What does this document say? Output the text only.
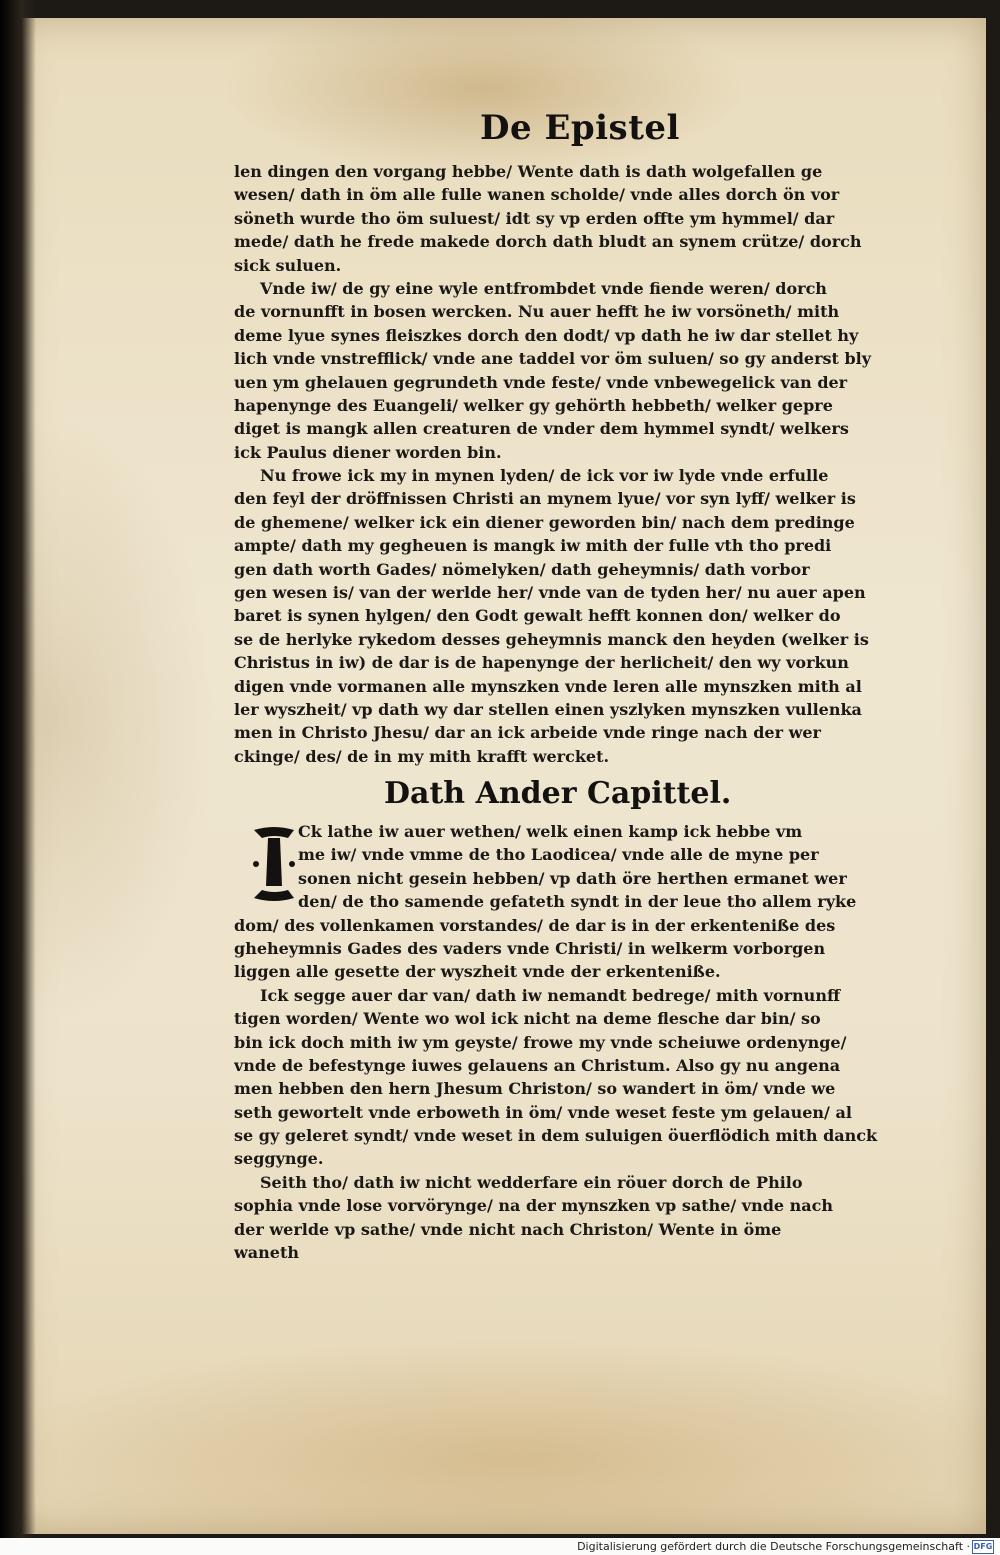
De Epistel
len dingen den vorgang hebbe/ Wente dath is dath wolgefallen ge
wesen/ dath in öm alle fulle wanen scholde/ vnde alles dorch ön vor
söneth wurde tho öm suluest/ idt sy vp erden offte ym hymmel/ dar
mede/ dath he frede makede dorch dath bludt an synem crütze/ dorch
sick suluen.
Vnde iw/ de gy eine wyle entfrombdet vnde fiende weren/ dorch
de vornunfft in bosen wercken. Nu auer hefft he iw vorsöneth/ mith
deme lyue synes fleiszkes dorch den dodt/ vp dath he iw dar stellet hy
lich vnde vnstrefflick/ vnde ane taddel vor öm suluen/ so gy anderst bly
uen ym ghelauen gegrundeth vnde feste/ vnde vnbewegelick van der
hapenynge des Euangeli/ welker gy gehörth hebbeth/ welker gepre
diget is mangk allen creaturen de vnder dem hymmel syndt/ welkers
ick Paulus diener worden bin.
Nu frowe ick my in mynen lyden/ de ick vor iw lyde vnde erfulle
den feyl der dröffnissen Christi an mynem lyue/ vor syn lyff/ welker is
de ghemene/ welker ick ein diener geworden bin/ nach dem predinge
ampte/ dath my gegheuen is mangk iw mith der fulle vth tho predi
gen dath worth Gades/ nömelyken/ dath geheymnis/ dath vorbor
gen wesen is/ van der werlde her/ vnde van de tyden her/ nu auer apen
baret is synen hylgen/ den Godt gewalt hefft konnen don/ welker do
se de herlyke rykedom desses geheymnis manck den heyden (welker is
Christus in iw) de dar is de hapenynge der herlicheit/ den wy vorkun
digen vnde vormanen alle mynszken vnde leren alle mynszken mith al
ler wyszheit/ vp dath wy dar stellen einen yszlyken mynszken vullenka
men in Christo Jhesu/ dar an ick arbeide vnde ringe nach der wer
ckinge/ des/ de in my mith krafft wercket.
Dath Ander Capittel.
Ck lathe iw auer wethen/ welk einen kamp ick hebbe vm
me iw/ vnde vmme de tho Laodicea/ vnde alle de myne per
sonen nicht gesein hebben/ vp dath öre herthen ermanet wer
den/ de tho samende gefateth syndt in der leue tho allem ryke
dom/ des vollenkamen vorstandes/ de dar is in der erkenteniße des
gheheymnis Gades des vaders vnde Christi/ in welkerm vorborgen
liggen alle gesette der wyszheit vnde der erkenteniße.
Ick segge auer dar van/ dath iw nemandt bedrege/ mith vornunff
tigen worden/ Wente wo wol ick nicht na deme flesche dar bin/ so
bin ick doch mith iw ym geyste/ frowe my vnde scheiuwe ordenynge/
vnde de befestynge iuwes gelauens an Christum. Also gy nu angena
men hebben den hern Jhesum Christon/ so wandert in öm/ vnde we
seth gewortelt vnde erboweth in öm/ vnde weset feste ym gelauen/ al
se gy geleret syndt/ vnde weset in dem suluigen öuerflödich mith danck
seggynge.
Seith tho/ dath iw nicht wedderfare ein röuer dorch de Philo
sophia vnde lose vorvörynge/ na der mynszken vp sathe/ vnde nach
der werlde vp sathe/ vnde nicht nach Christon/ Wente in öme
waneth
Digitalisierung gefördert durch die Deutsche Forschungsgemeinschaft · DFG
